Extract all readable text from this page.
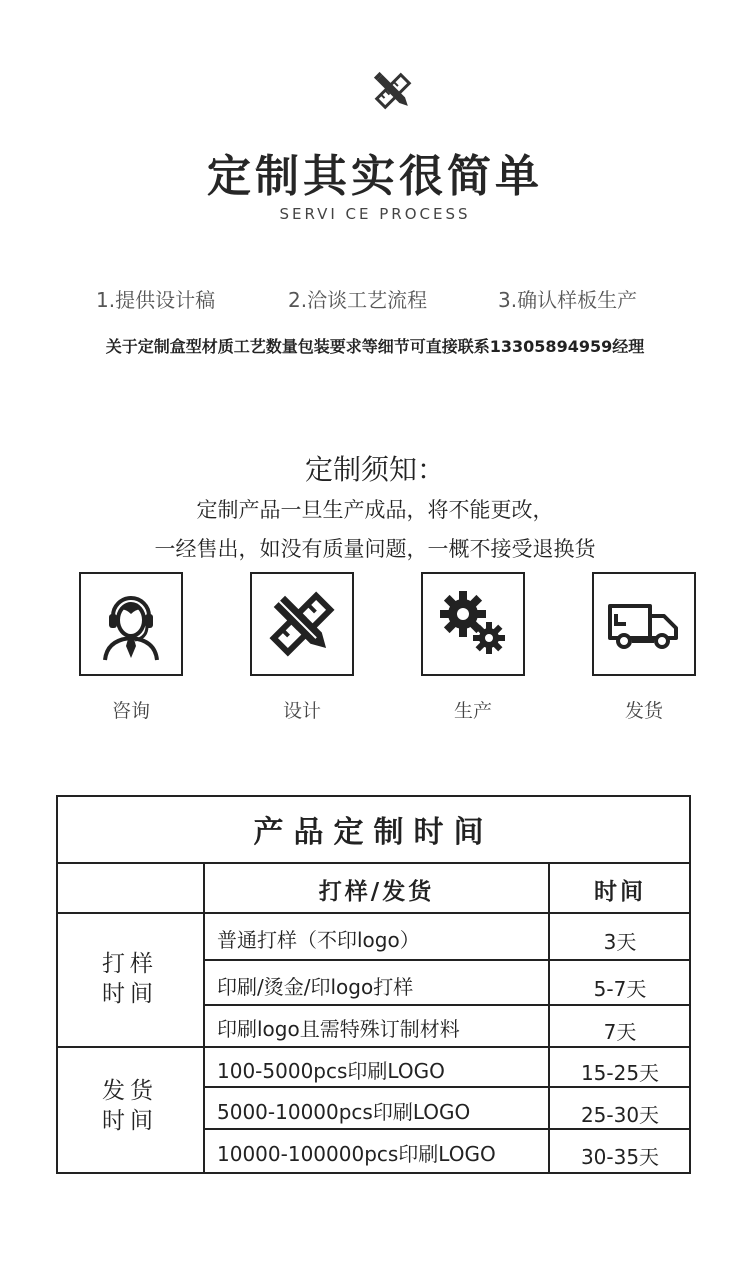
定制其实很简单
SERVI CE PROCESS
1.提供设计稿	2.洽谈工艺流程	3.确认样板生产
关于定制盒型材质工艺数量包装要求等细节可直接联系13305894959经理
定制须知：
定制产品一旦生产成品，将不能更改，
一经售出，如没有质量问题，一概不接受退换货
咨询	设计	生产	发货
产品定制时间
打样/发货	时间
打样
时间
发货
时间
普通打样（不印logo）	3天
印刷/烫金/印logo打样	5-7天
印刷logo且需特殊订制材料	7天
100-5000pcs印刷LOGO	15-25天
5000-10000pcs印刷LOGO	25-30天
10000-100000pcs印刷LOGO	30-35天
